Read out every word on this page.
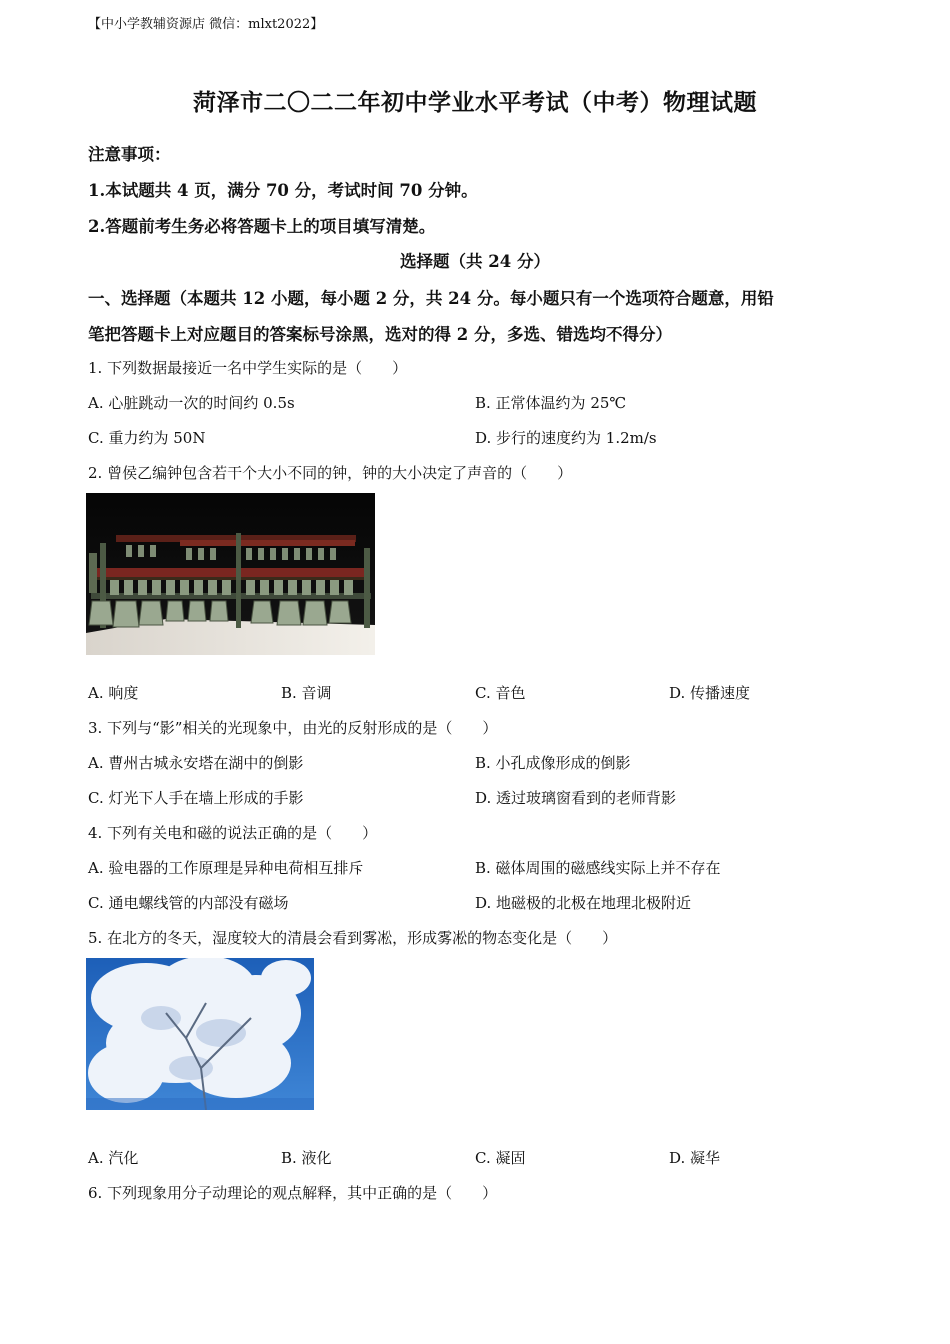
【中小学教辅资源店 微信：mlxt2022】
菏泽市二〇二二年初中学业水平考试（中考）物理试题
注意事项：
1.本试题共 4 页，满分 70 分，考试时间 70 分钟。
2.答题前考生务必将答题卡上的项目填写清楚。
选择题（共 24 分）
一、选择题（本题共 12 小题，每小题 2 分，共 24 分。每小题只有一个选项符合题意，用铅
笔把答题卡上对应题目的答案标号涂黑，选对的得 2 分，多选、错选均不得分）
1. 下列数据最接近一名中学生实际的是（　　）
A. 心脏跳动一次的时间约 0.5s	B. 正常体温约为 25℃
C. 重力约为 50N	D. 步行的速度约为 1.2m/s
2. 曾侯乙编钟包含若干个大小不同的钟，钟的大小决定了声音的（　　）
A. 响度	B. 音调	C. 音色	D. 传播速度
3. 下列与“影”相关的光现象中，由光的反射形成的是（　　）
A. 曹州古城永安塔在湖中的倒影	B. 小孔成像形成的倒影
C. 灯光下人手在墙上形成的手影	D. 透过玻璃窗看到的老师背影
4. 下列有关电和磁的说法正确的是（　　）
A. 验电器的工作原理是异种电荷相互排斥	B. 磁体周围的磁感线实际上并不存在
C. 通电螺线管的内部没有磁场	D. 地磁极的北极在地理北极附近
5. 在北方的冬天，湿度较大的清晨会看到雾凇，形成雾凇的物态变化是（　　）
A. 汽化	B. 液化	C. 凝固	D. 凝华
6. 下列现象用分子动理论的观点解释，其中正确的是（　　）
